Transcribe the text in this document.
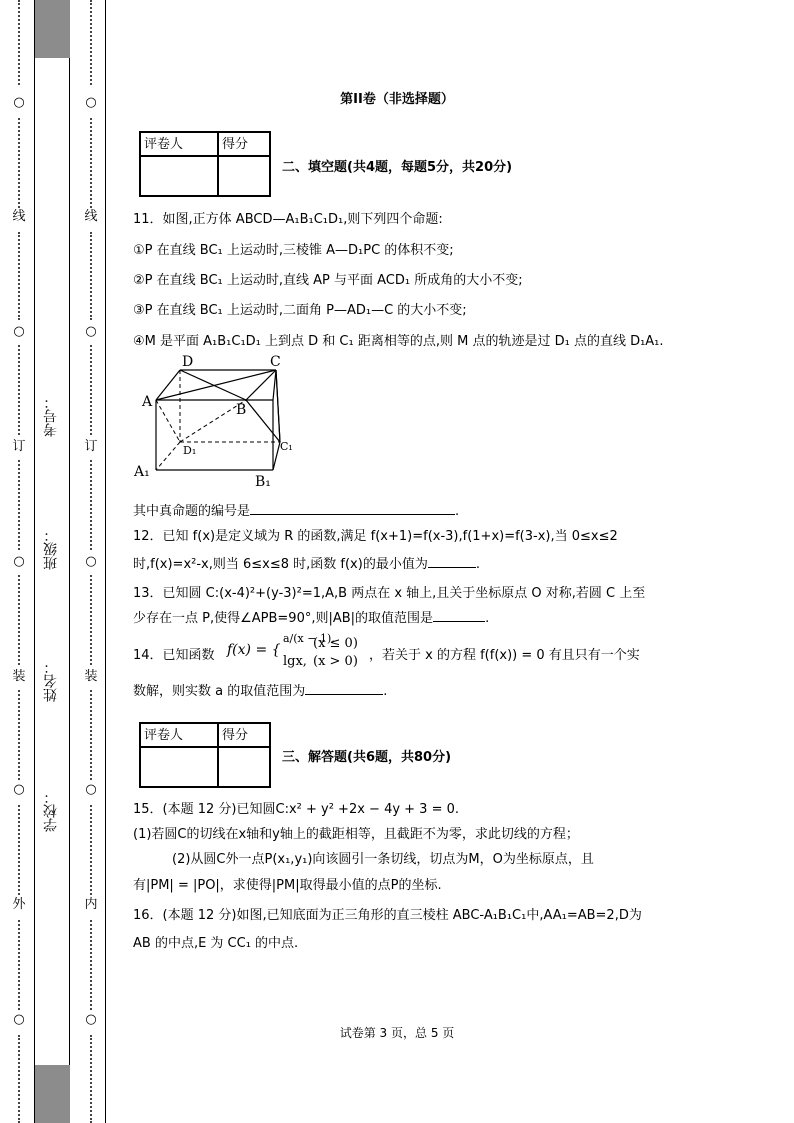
○
线
○
订
○
装
○
外
○
考号：
班级：
姓名：
学校：
○
线
○
订
○
装
○
内
○
第II卷（非选择题）
评卷人	得分

二、填空题(共4题，每题5分，共20分)
11．如图,正方体 ABCD—A₁B₁C₁D₁,则下列四个命题:
①P 在直线 BC₁ 上运动时,三棱锥 A—D₁PC 的体积不变;
②P 在直线 BC₁ 上运动时,直线 AP 与平面 ACD₁ 所成角的大小不变;
③P 在直线 BC₁ 上运动时,二面角 P—AD₁—C 的大小不变;
④M 是平面 A₁B₁C₁D₁ 上到点 D 和 C₁ 距离相等的点,则 M 点的轨迹是过 D₁ 点的直线 D₁A₁.
D	C
A	B
D₁	C₁
A₁
B₁
其中真命题的编号是	.
12．已知 f(x)是定义域为 R 的函数,满足 f(x+1)=f(x-3),f(1+x)=f(3-x),当 0≤x≤2
时,f(x)=x²-x,则当 6≤x≤8 时,函数 f(x)的最小值为	.
13．已知圆 C:(x-4)²+(y-3)²=1,A,B 两点在 x 轴上,且关于坐标原点 O 对称,若圆 C 上至
少存在一点 P,使得∠APB=90°,则|AB|的取值范围是	.
14．已知函数 f(x) = {
a/(x − 1),
(x ≤ 0)
lgx, (x > 0) ，若关于 x 的方程 f(f(x)) = 0 有且只有一个实
数解，则实数 a 的取值范围为	.
评卷人	得分

三、解答题(共6题，共80分)
15．(本题 12 分)已知圆C:x² + y² +2x − 4y + 3 = 0.
(1)若圆C的切线在x轴和y轴上的截距相等，且截距不为零，求此切线的方程；
(2)从圆C外一点P(x₁,y₁)向该圆引一条切线，切点为M，O为坐标原点，且
有|PM| = |PO|，求使得|PM|取得最小值的点P的坐标.
16．(本题 12 分)如图,已知底面为正三角形的直三棱柱 ABC-A₁B₁C₁中,AA₁=AB=2,D为
AB 的中点,E 为 CC₁ 的中点.
试卷第 3 页，总 5 页
